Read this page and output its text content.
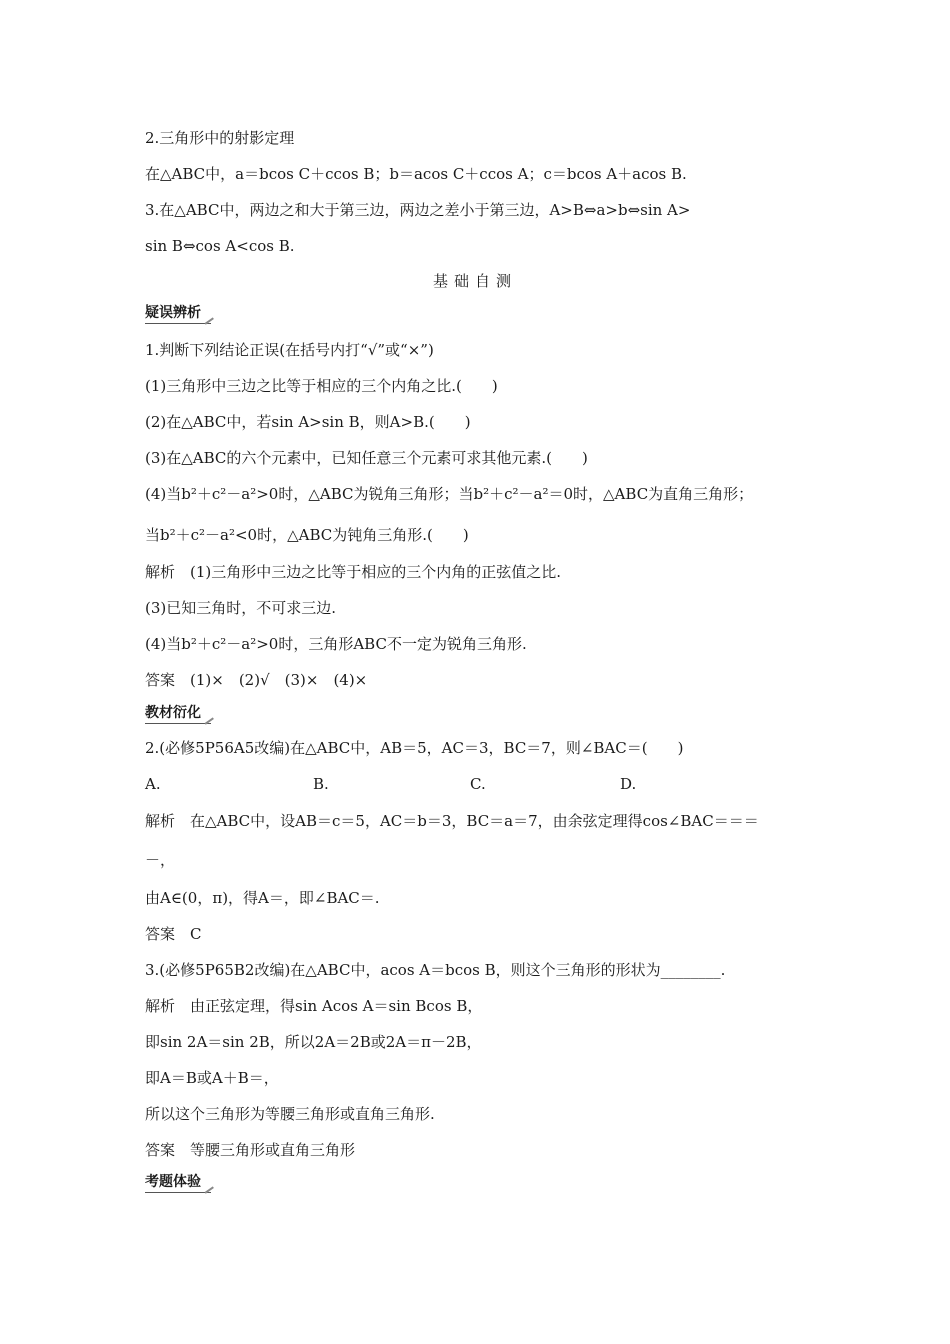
2.三角形中的射影定理
在△ABC中，a＝bcos C＋ccos B；b＝acos C＋ccos A；c＝bcos A＋acos B.
3.在△ABC中，两边之和大于第三边，两边之差小于第三边，A>B⇔a>b⇔sin A>
sin B⇔cos A<cos B.
基础自测
疑误辨析
1.判断下列结论正误(在括号内打“√”或“×”)
(1)三角形中三边之比等于相应的三个内角之比.(　　)
(2)在△ABC中，若sin A>sin B，则A>B.(　　)
(3)在△ABC的六个元素中，已知任意三个元素可求其他元素.(　　)
(4)当b²＋c²－a²>0时，△ABC为锐角三角形；当b²＋c²－a²＝0时，△ABC为直角三角形；
当b²＋c²－a²<0时，△ABC为钝角三角形.(　　)
解析　(1)三角形中三边之比等于相应的三个内角的正弦值之比.
(3)已知三角时，不可求三边.
(4)当b²＋c²－a²>0时，三角形ABC不一定为锐角三角形.
答案　(1)×　(2)√　(3)×　(4)×
教材衍化
2.(必修5P56A5改编)在△ABC中，AB＝5，AC＝3，BC＝7，则∠BAC＝(　　)
A.	B.	C.	D.
解析　在△ABC中，设AB＝c＝5，AC＝b＝3，BC＝a＝7，由余弦定理得cos∠BAC＝＝＝
－，
由A∈(0，π)，得A＝，即∠BAC＝.
答案　C
3.(必修5P65B2改编)在△ABC中，acos A＝bcos B，则这个三角形的形状为________.
解析　由正弦定理，得sin Acos A＝sin Bcos B，
即sin 2A＝sin 2B，所以2A＝2B或2A＝π－2B，
即A＝B或A＋B＝，
所以这个三角形为等腰三角形或直角三角形.
答案　等腰三角形或直角三角形
考题体验
